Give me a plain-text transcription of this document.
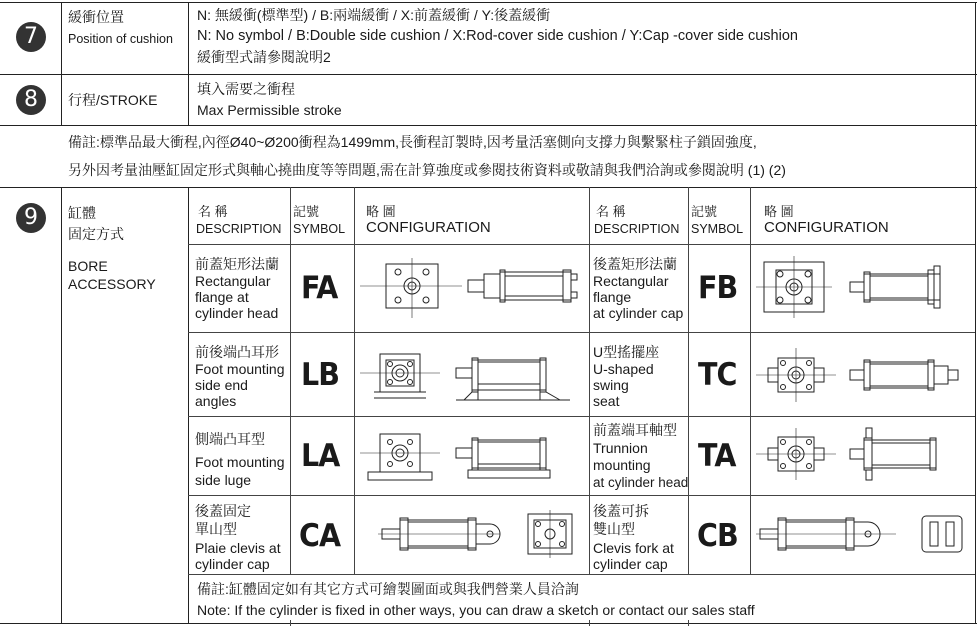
7
緩衝位置
Position of cushion
N: 無緩衝(標準型) / B:兩端緩衝 / X:前蓋緩衝 / Y:後蓋緩衝
N: No symbol / B:Double side cushion / X:Rod-cover side cushion / Y:Cap -cover side cushion
緩衝型式請參閱說明2
8	行程/STROKE
填入需要之衝程
Max Permissible stroke
備註:標準品最大衝程,內徑Ø40~Ø200衝程為1499mm,長衝程訂製時,因考量活塞側向支撐力與繫緊柱子鎖固強度,
另外因考量油壓缸固定形式與軸心撓曲度等等問題,需在計算強度或參閱技術資料或敬請與我們洽詢或參閱說明 (1) (2)
9	缸體
固定方式
BORE
ACCESSORY
名 稱
DESCRIPTION
記號
SYMBOL
略 圖
CONFIGURATION
名 稱
DESCRIPTION
記號
SYMBOL
略 圖
CONFIGURATION
前蓋矩形法蘭
Rectangular
flange at
cylinder head
FA
前後端凸耳形
Foot mounting
side end
angles
LB
側端凸耳型
Foot mounting
side luge
LA
後蓋固定
單山型
Plaie clevis at
cylinder cap
CA
後蓋矩形法蘭
Rectangular
flange
at cylinder cap
FB
U型搖擺座
U-shaped
swing
seat
TC
前蓋端耳軸型
Trunnion
mounting
at cylinder head
TA
後蓋可拆
雙山型
Clevis fork at
cylinder cap
CB
備註:缸體固定如有其它方式可繪製圖面或與我們營業人員洽詢
Note: If the cylinder is fixed in other ways, you can draw a sketch or contact our sales staff
